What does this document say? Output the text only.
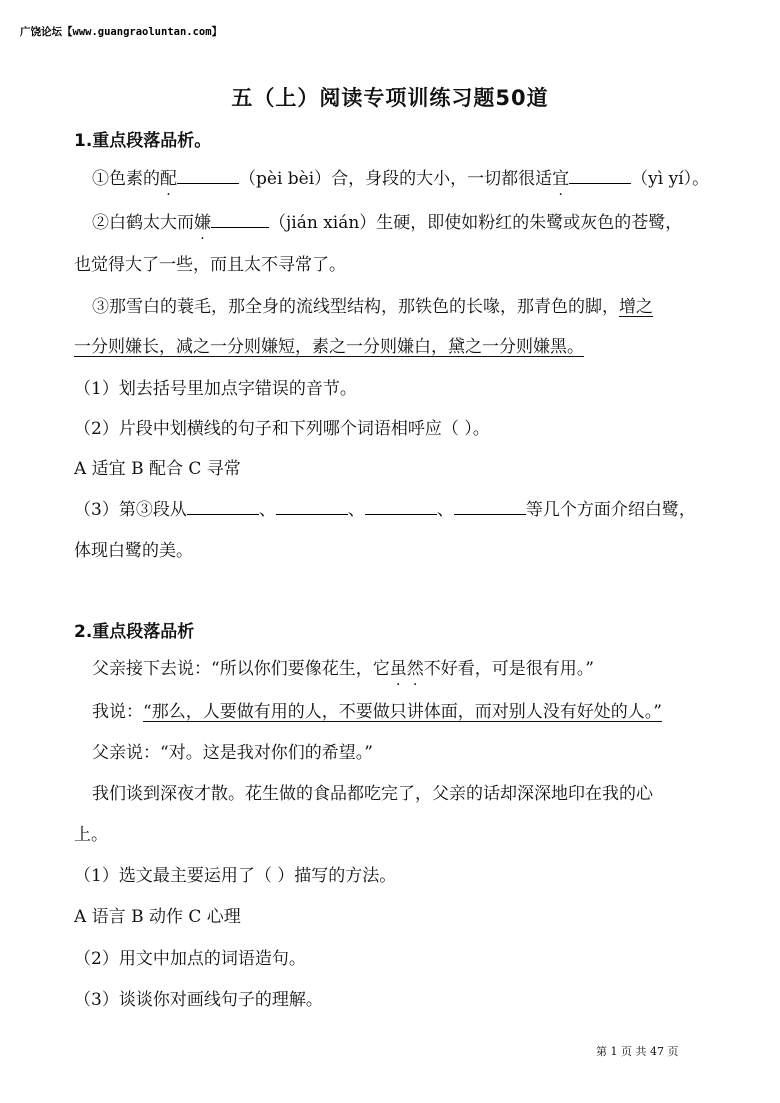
广饶论坛【www.guangraoluntan.com】
五（上）阅读专项训练习题50道
1.重点段落品析。
①色素的配	（pèi bèi）合，身段的大小，一切都很适宜	（yì yí）。
②白鹤太大而嫌	（jián xián）生硬，即使如粉红的朱鹭或灰色的苍鹭，
也觉得大了一些，而且太不寻常了。
③那雪白的蓑毛，那全身的流线型结构，那铁色的长喙，那青色的脚，增之
一分则嫌长，减之一分则嫌短，素之一分则嫌白，黛之一分则嫌黑。
（1）划去括号里加点字错误的音节。
（2）片段中划横线的句子和下列哪个词语相呼应（ ）。
A 适宜 B 配合 C 寻常
（3）第③段从	、	、	、	等几个方面介绍白鹭，
体现白鹭的美。
2.重点段落品析
父亲接下去说：“所以你们要像花生，它虽然不好看，可是很有用。”
我说：“那么，人要做有用的人，不要做只讲体面，而对别人没有好处的人。”
父亲说：“对。这是我对你们的希望。”
我们谈到深夜才散。花生做的食品都吃完了，父亲的话却深深地印在我的心
上。
（1）选文最主要运用了（ ）描写的方法。
A 语言 B 动作 C 心理
（2）用文中加点的词语造句。
（3）谈谈你对画线句子的理解。
第 1 页 共 47 页
